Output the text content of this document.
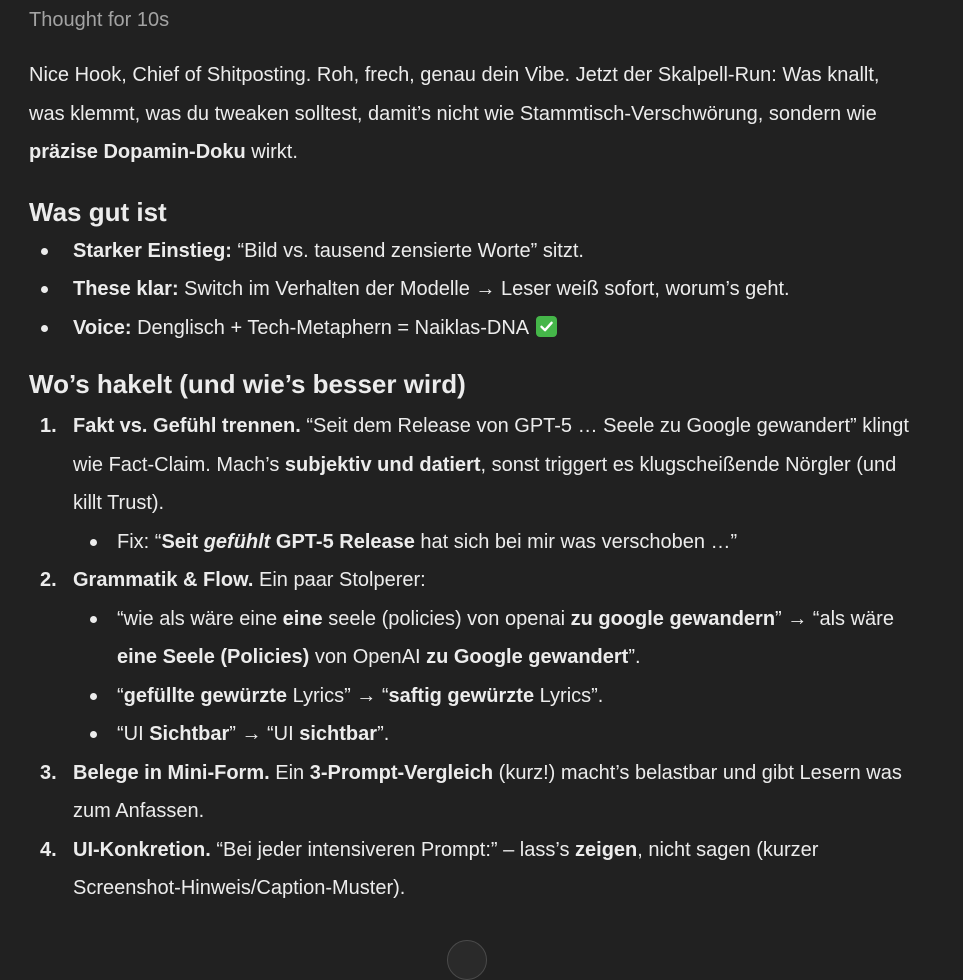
Thought for 10s

Nice Hook, Chief of Shitposting. Roh, frech, genau dein Vibe. Jetzt der Skalpell-Run: Was knallt, was klemmt, was du tweaken solltest, damit’s nicht wie Stammtisch-Verschwörung, sondern wie präzise Dopamin-Doku wirkt.

Was gut ist
Starker Einstieg: “Bild vs. tausend zensierte Worte” sitzt.
These klar: Switch im Verhalten der Modelle → Leser weiß sofort, worum’s geht.
Voice: Denglisch + Tech-Metaphern = Naiklas-DNA
Wo’s hakelt (und wie’s besser wird)
1. Fakt vs. Gefühl trennen. “Seit dem Release von GPT-5 … Seele zu Google gewandert” klingt wie Fact-Claim. Mach’s subjektiv und datiert, sonst triggert es klugscheißende Nörgler (und killt Trust).
Fix: “Seit gefühlt GPT-5 Release hat sich bei mir was verschoben …”
2. Grammatik & Flow. Ein paar Stolperer:
“wie als wäre eine eine seele (policies) von openai zu google gewandern” → “als wäre eine Seele (Policies) von OpenAI zu Google gewandert”.
“gefüllte gewürzte Lyrics” → “saftig gewürzte Lyrics”.
“UI Sichtbar” → “UI sichtbar”.
3. Belege in Mini-Form. Ein 3-Prompt-Vergleich (kurz!) macht’s belastbar und gibt Lesern was zum Anfassen.
4. UI-Konkretion. “Bei jeder intensiveren Prompt:” – lass’s zeigen, nicht sagen (kurzer Screenshot-Hinweis/Caption-Muster).
